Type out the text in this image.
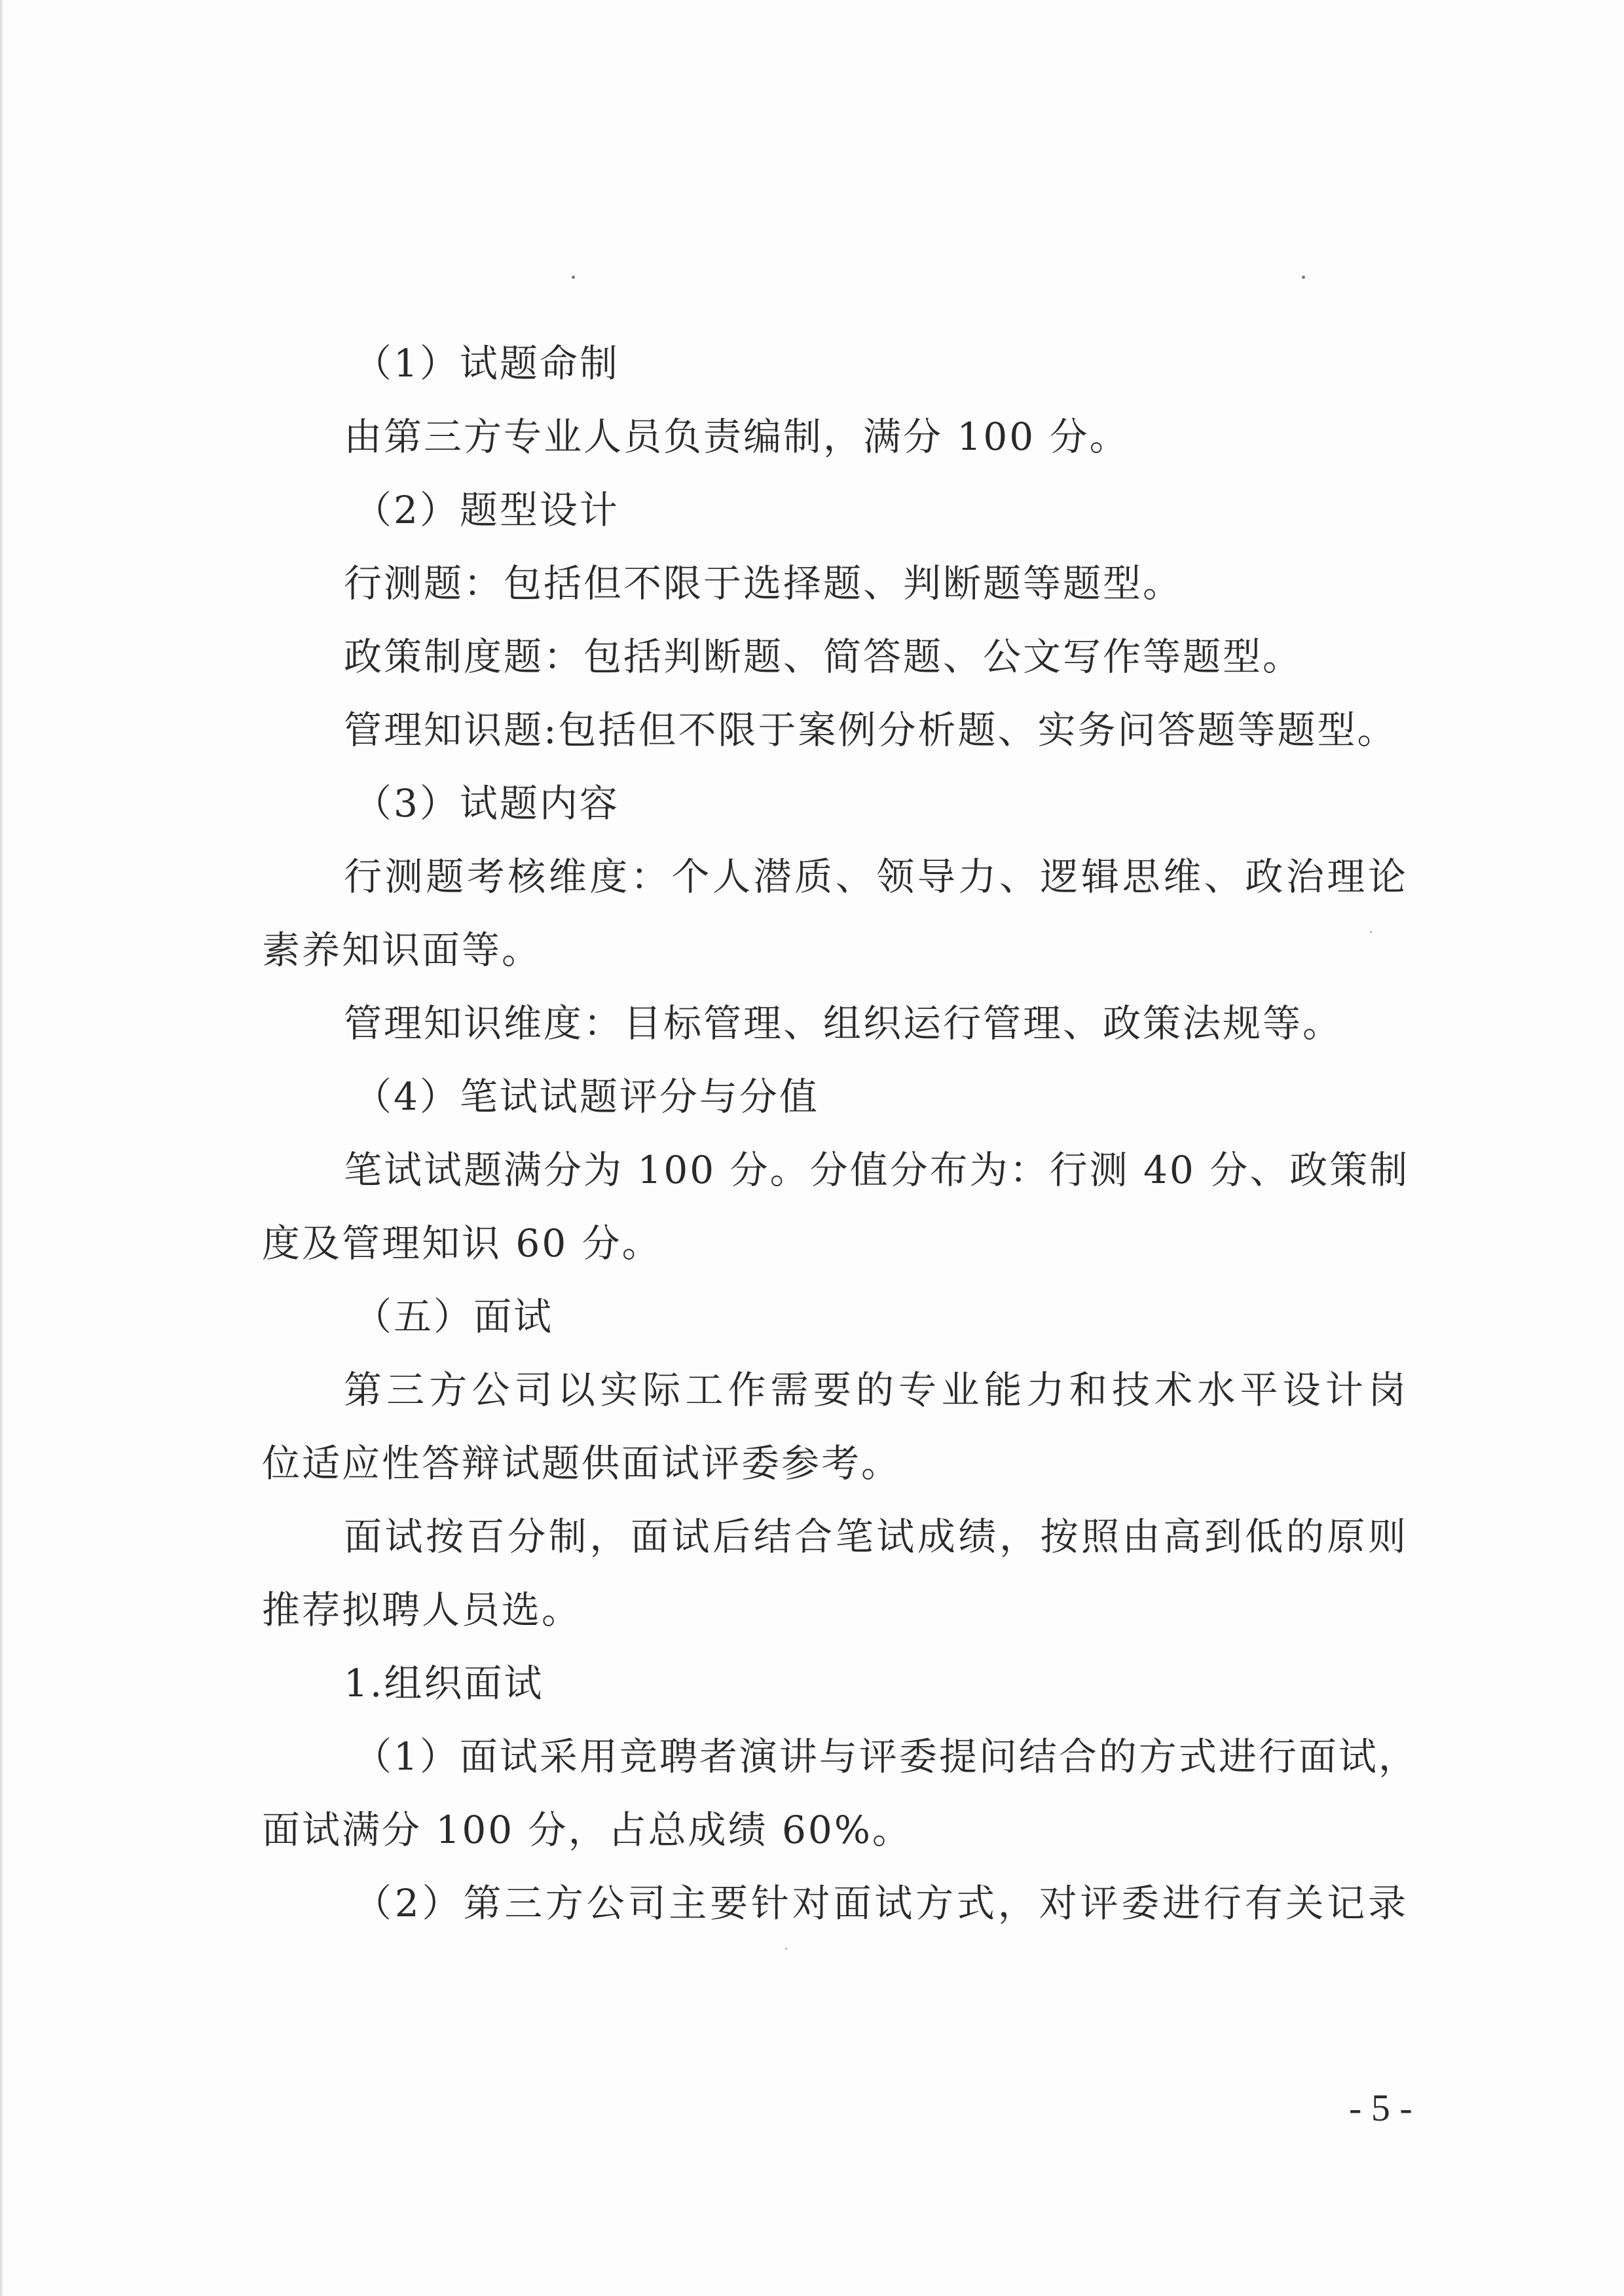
（1）试题命制
由第三方专业人员负责编制，满分 100 分。
（2）题型设计
行测题：包括但不限于选择题、判断题等题型。
政策制度题：包括判断题、简答题、公文写作等题型。
管理知识题:包括但不限于案例分析题、实务问答题等题型。
（3）试题内容
行测题考核维度：个人潜质、领导力、逻辑思维、政治理论
素养知识面等。
管理知识维度：目标管理、组织运行管理、政策法规等。
（4）笔试试题评分与分值
笔试试题满分为 100 分。分值分布为：行测 40 分、政策制
度及管理知识 60 分。
（五）面试
第三方公司以实际工作需要的专业能力和技术水平设计岗
位适应性答辩试题供面试评委参考。
面试按百分制，面试后结合笔试成绩，按照由高到低的原则
推荐拟聘人员选。
1.组织面试
（1）面试采用竞聘者演讲与评委提问结合的方式进行面试，
面试满分 100 分，占总成绩 60%。
（2）第三方公司主要针对面试方式，对评委进行有关记录
- 5 -
